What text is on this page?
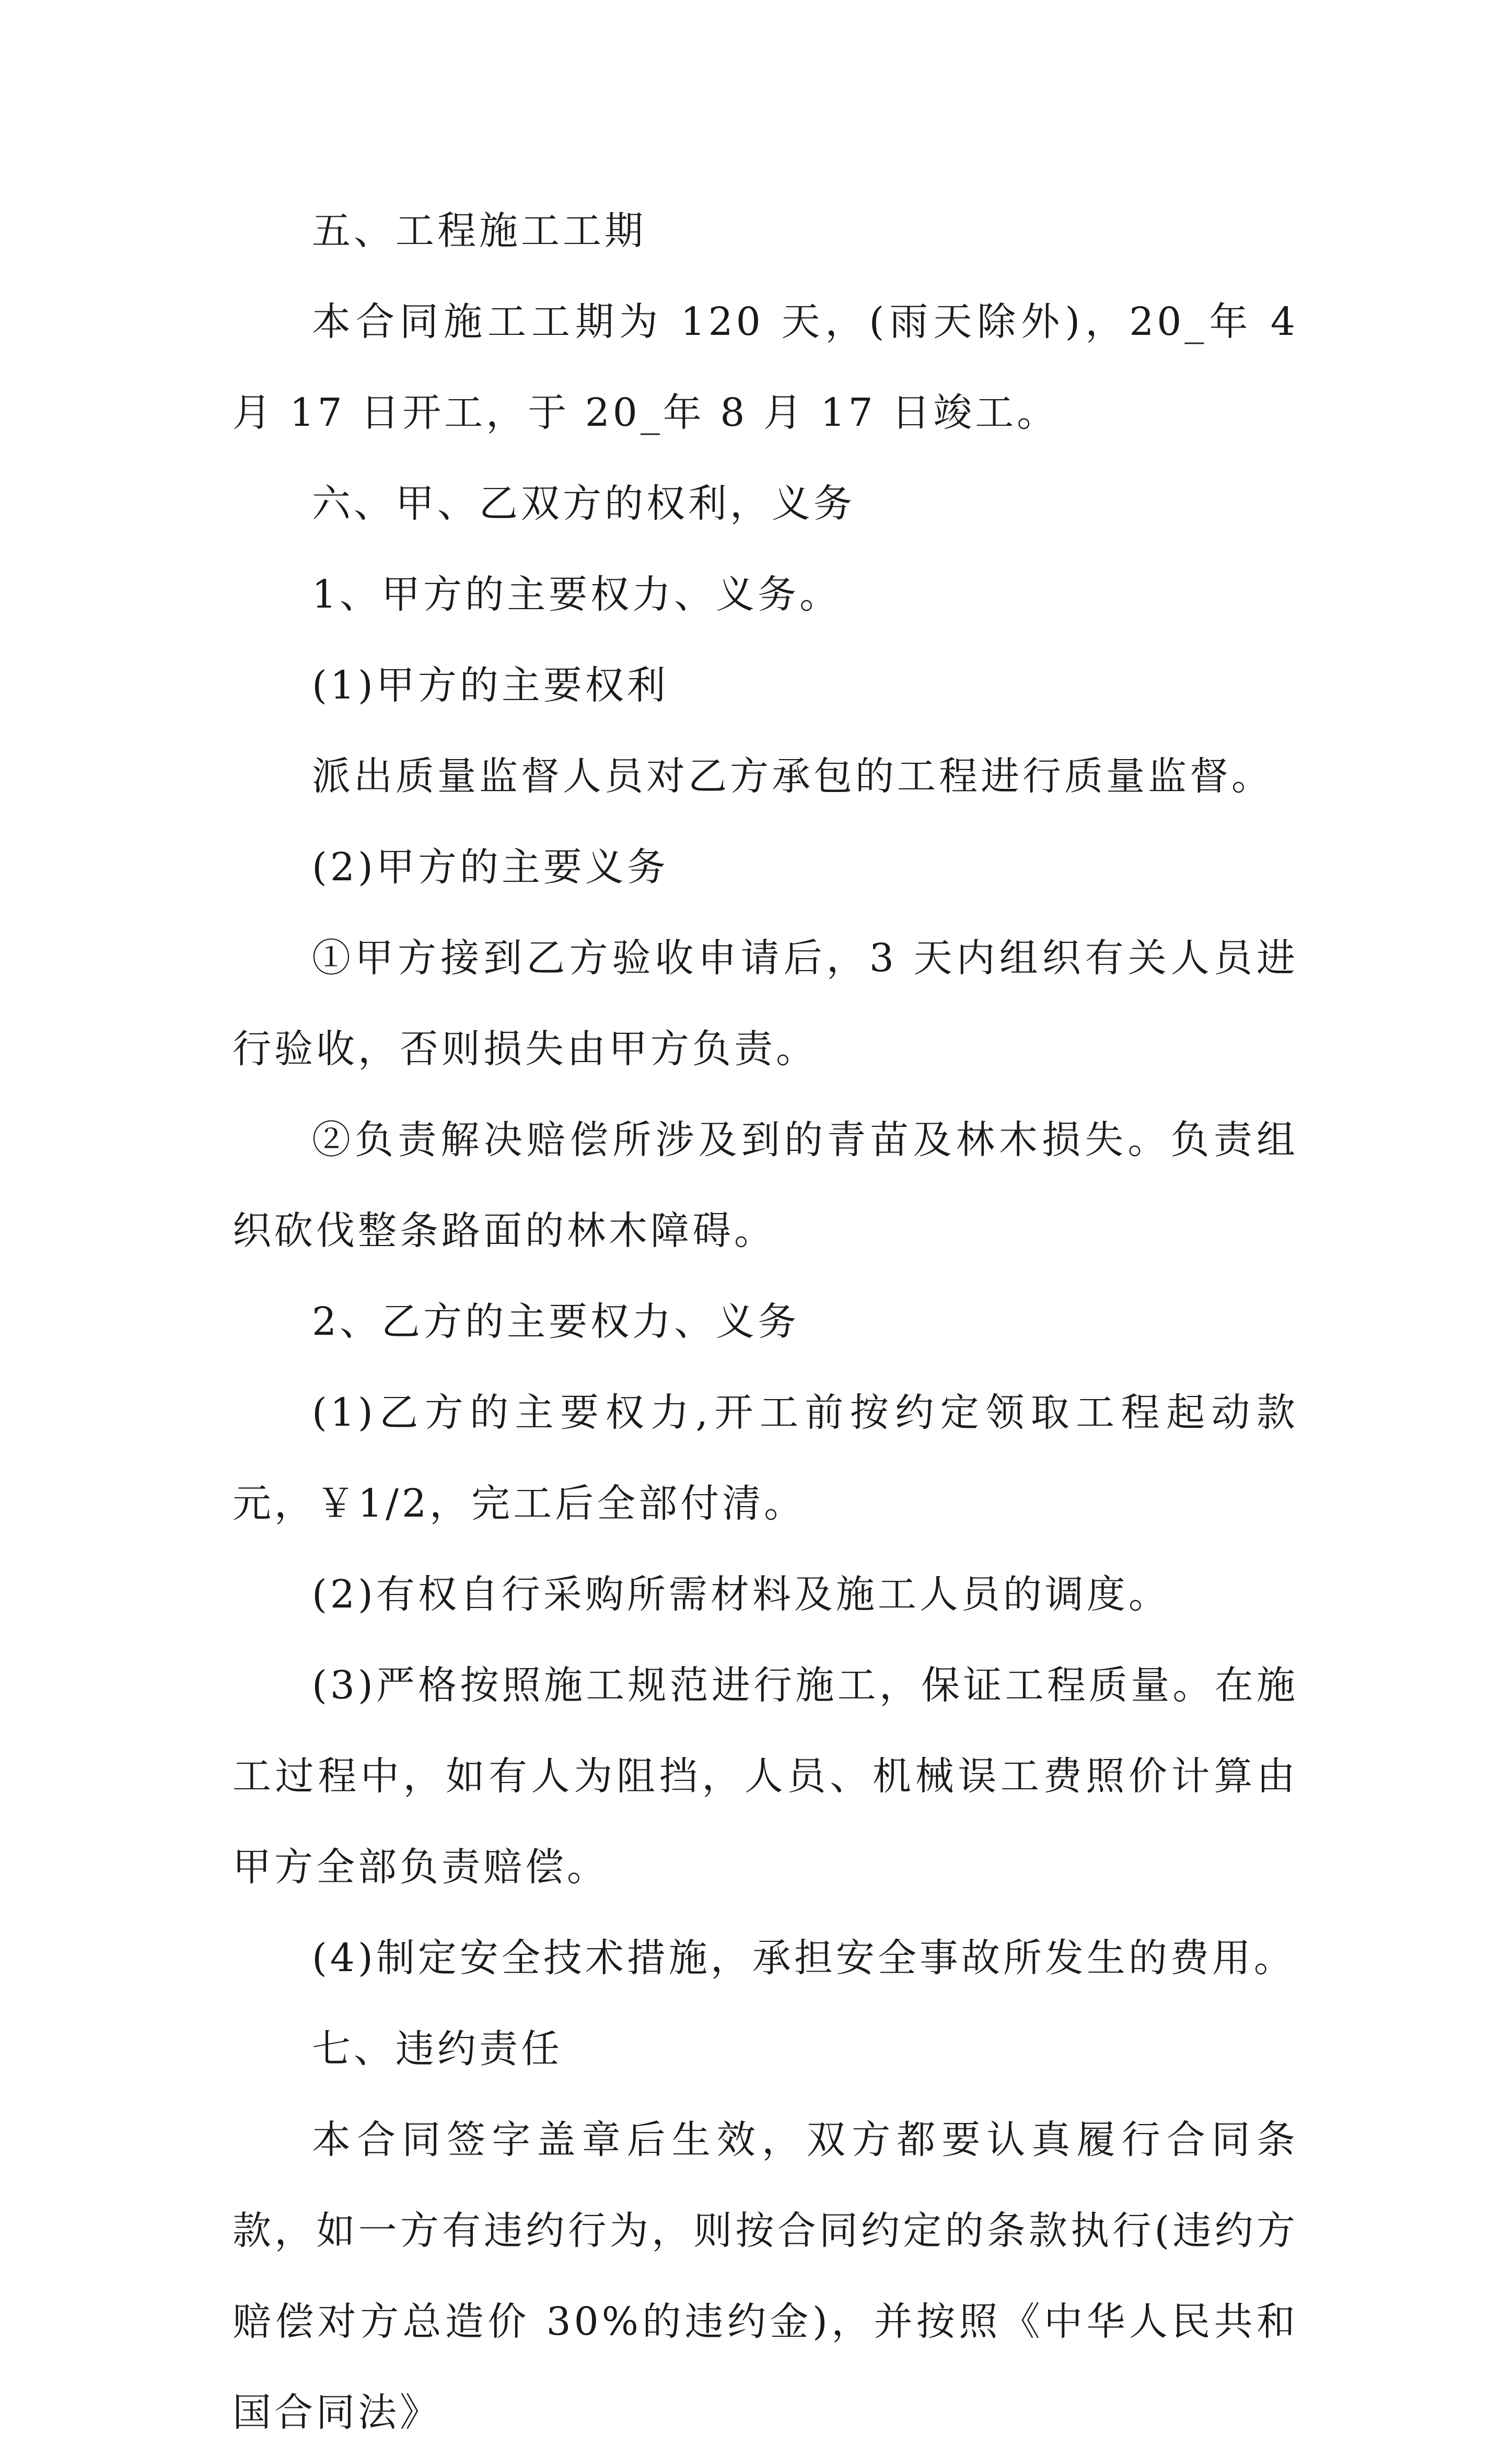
五、工程施工工期

本合同施工工期为 120 天，(雨天除外)，20_年 4 月 17 日开工，于 20_年 8 月 17 日竣工。

六、甲、乙双方的权利，义务

1、甲方的主要权力、义务。

(1)甲方的主要权利

派出质量监督人员对乙方承包的工程进行质量监督。

(2)甲方的主要义务

①甲方接到乙方验收申请后，3 天内组织有关人员进行验收，否则损失由甲方负责。

②负责解决赔偿所涉及到的青苗及林木损失。负责组织砍伐整条路面的林木障碍。

2、乙方的主要权力、义务

(1)乙方的主要权力,开工前按约定领取工程起动款 元，￥1/2，完工后全部付清。

(2)有权自行采购所需材料及施工人员的调度。

(3)严格按照施工规范进行施工，保证工程质量。在施工过程中，如有人为阻挡，人员、机械误工费照价计算由甲方全部负责赔偿。

(4)制定安全技术措施，承担安全事故所发生的费用。

七、违约责任

本合同签字盖章后生效，双方都要认真履行合同条款，如一方有违约行为，则按合同约定的条款执行(违约方赔偿对方总造价 30%的违约金)，并按照《中华人民共和国合同法》
